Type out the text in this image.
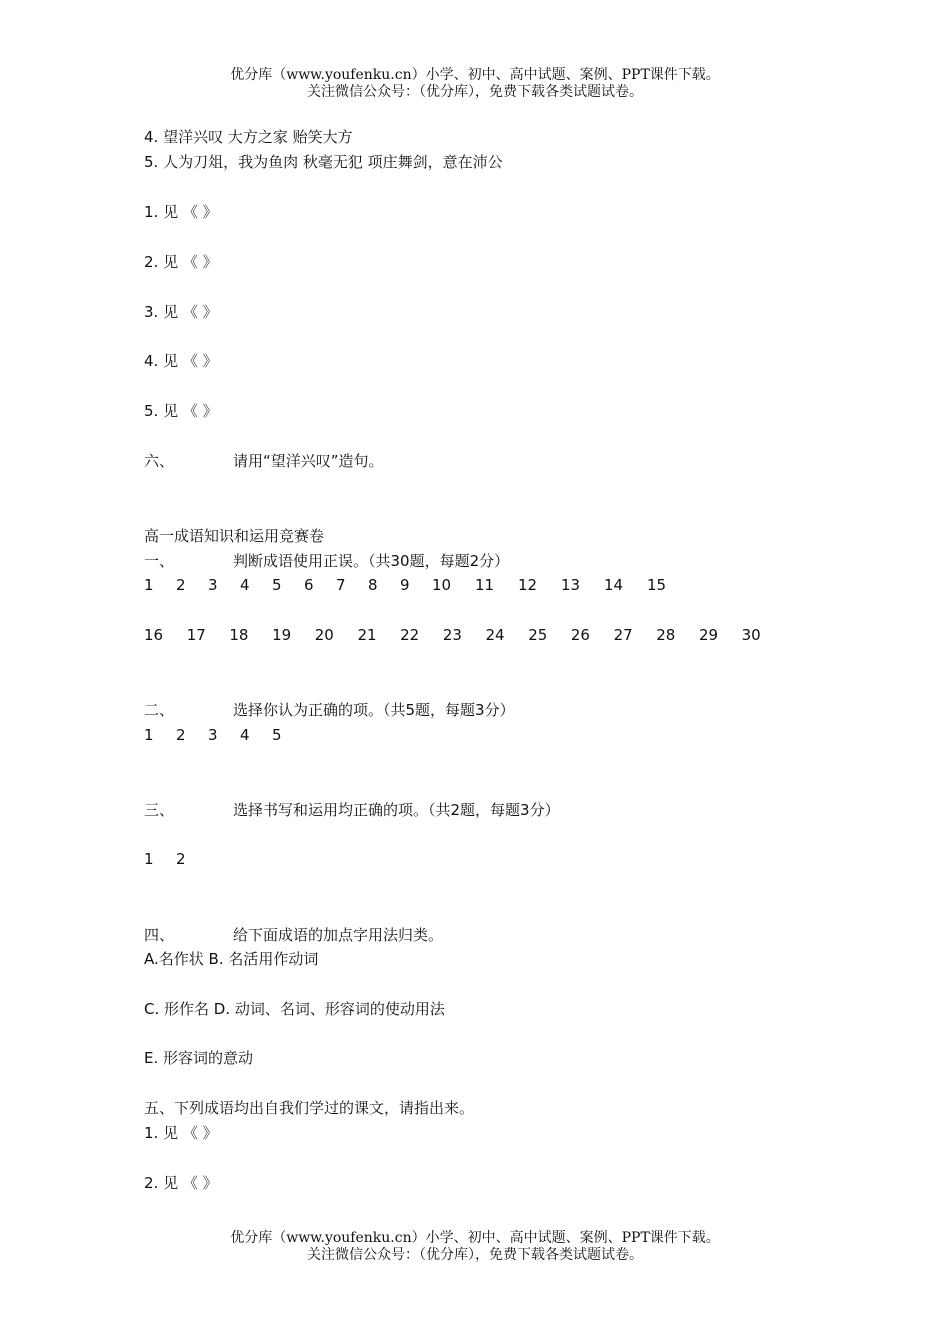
优分库（www.youfenku.cn）小学、初中、高中试题、案例、PPT课件下载。
关注微信公众号：（优分库），免费下载各类试题试卷。
4. 望洋兴叹 大方之家 贻笑大方
5. 人为刀俎，我为鱼肉 秋毫无犯 项庄舞剑，意在沛公
1. 见 《 》
2. 见 《 》
3. 见 《 》
4. 见 《 》
5. 见 《 》
六、	请用“望洋兴叹”造句。
高一成语知识和运用竞赛卷
一、	判断成语使用正误。（共30题，每题2分）
1 2 3 4 5 6 7 8 9 10 11 12 13 14 15
16 17 18 19 20 21 22 23 24 25 26 27 28 29 30
二、	选择你认为正确的项。（共5题，每题3分）
1 2 3 4 5
三、	选择书写和运用均正确的项。（共2题，每题3分）
1 2
四、	给下面成语的加点字用法归类。
A.名作状 B. 名活用作动词
C. 形作名 D. 动词、名词、形容词的使动用法
E. 形容词的意动
五、下列成语均出自我们学过的课文，请指出来。
1. 见 《 》
2. 见 《 》
优分库（www.youfenku.cn）小学、初中、高中试题、案例、PPT课件下载。
关注微信公众号：（优分库），免费下载各类试题试卷。
